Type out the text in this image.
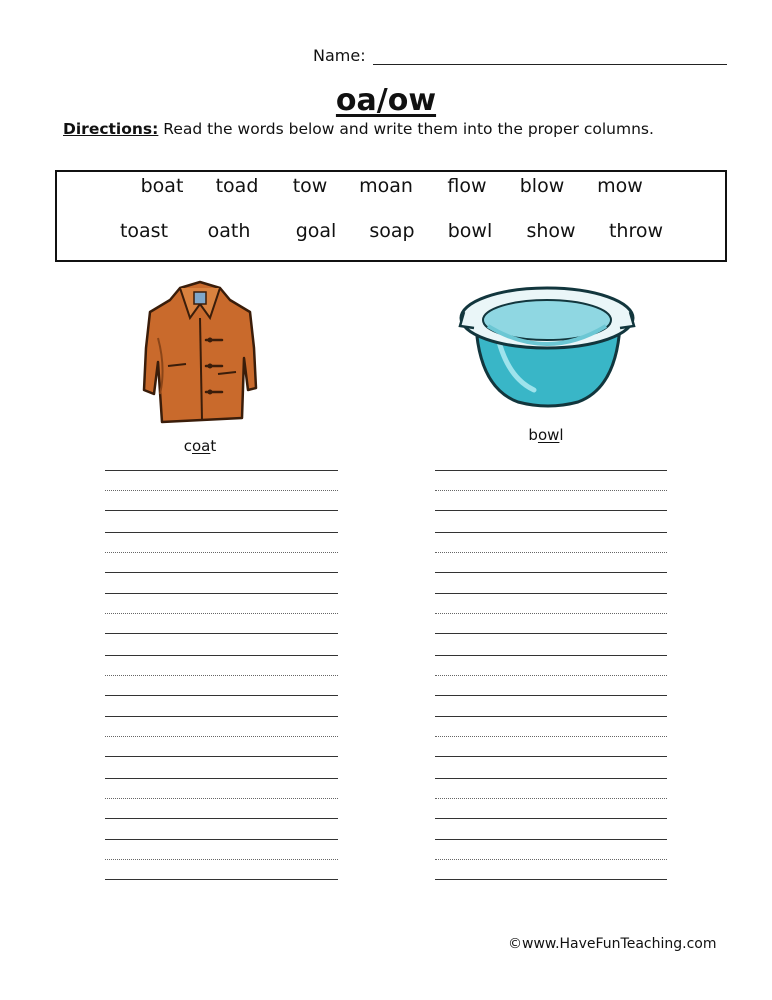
Name:
oa/ow
Directions: Read the words below and write them into the proper columns.
boat toad tow moan flow blow mow
toast oath goal soap bowl show throw
coat
bowl
©www.HaveFunTeaching.com
